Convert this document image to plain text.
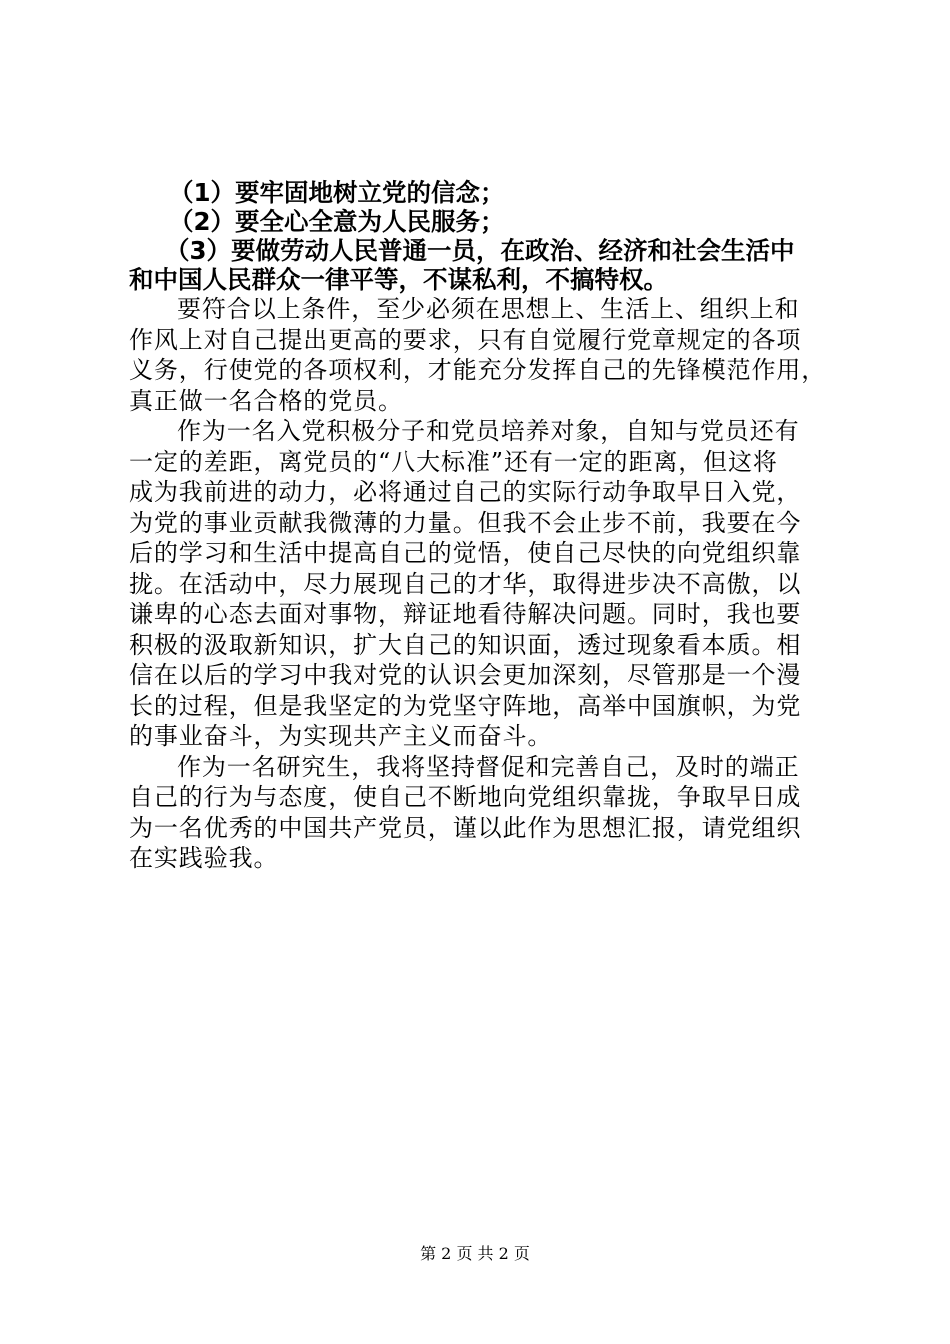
（1）要牢固地树立党的信念；
（2）要全心全意为人民服务；
（3）要做劳动人民普通一员，在政治、经济和社会生活中
和中国人民群众一律平等，不谋私利，不搞特权。
要符合以上条件，至少必须在思想上、生活上、组织上和
作风上对自己提出更高的要求，只有自觉履行党章规定的各项
义务，行使党的各项权利，才能充分发挥自己的先锋模范作用，
真正做一名合格的党员。
作为一名入党积极分子和党员培养对象，自知与党员还有
一定的差距，离党员的“八大标准”还有一定的距离，但这将
成为我前进的动力，必将通过自己的实际行动争取早日入党，
为党的事业贡献我微薄的力量。但我不会止步不前，我要在今
后的学习和生活中提高自己的觉悟，使自己尽快的向党组织靠
拢。在活动中，尽力展现自己的才华，取得进步决不高傲，以
谦卑的心态去面对事物，辩证地看待解决问题。同时，我也要
积极的汲取新知识，扩大自己的知识面，透过现象看本质。相
信在以后的学习中我对党的认识会更加深刻，尽管那是一个漫
长的过程，但是我坚定的为党坚守阵地，高举中国旗帜，为党
的事业奋斗，为实现共产主义而奋斗。
作为一名研究生，我将坚持督促和完善自己，及时的端正
自己的行为与态度，使自己不断地向党组织靠拢，争取早日成
为一名优秀的中国共产党员，谨以此作为思想汇报，请党组织
在实践验我。
第 2 页 共 2 页
